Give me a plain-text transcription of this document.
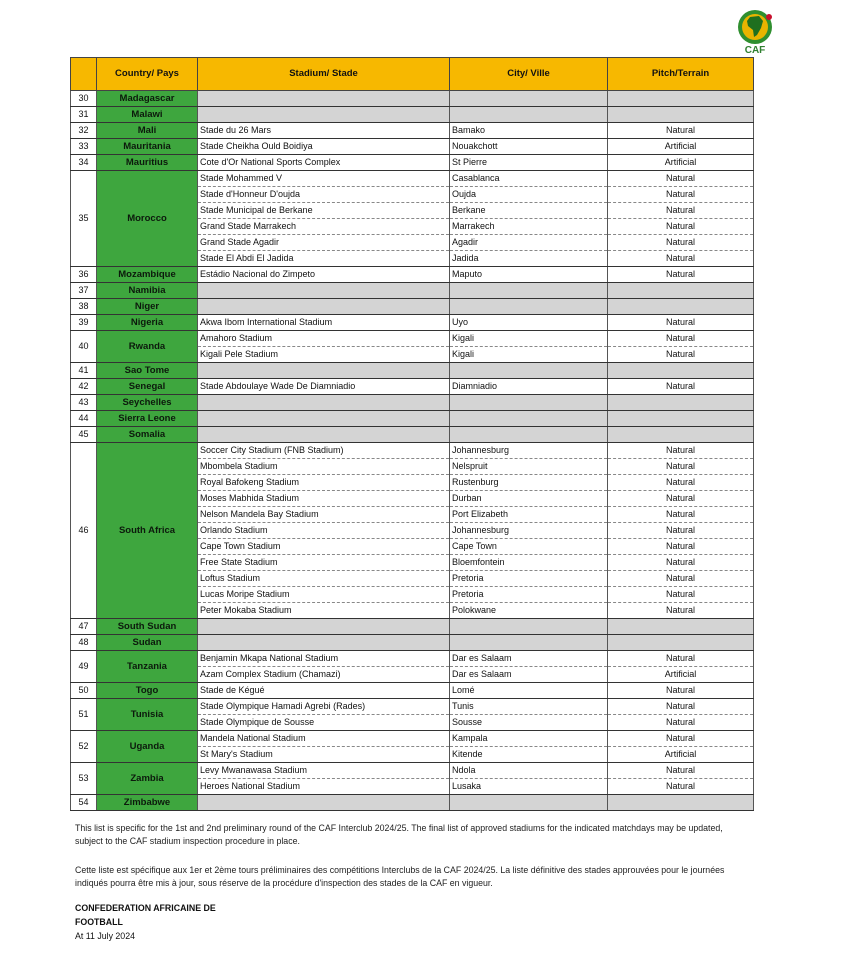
CAF
	Country/ Pays	Stadium/ Stade	City/ Ville	Pitch/Terrain
30	Madagascar			
31	Malawi			
32	Mali	Stade du 26 Mars	Bamako	Natural
33	Mauritania	Stade Cheikha Ould Boidiya	Nouakchott	Artificial
34	Mauritius	Cote d'Or National Sports Complex	St Pierre	Artificial
35	Morocco	Stade Mohammed V	Casablanca	Natural
		Stade d'Honneur D'oujda	Oujda	Natural
		Stade Municipal de Berkane	Berkane	Natural
		Grand Stade Marrakech	Marrakech	Natural
		Grand Stade Agadir	Agadir	Natural
		Stade El Abdi El Jadida	Jadida	Natural
36	Mozambique	Estádio Nacional do Zimpeto	Maputo	Natural
37	Namibia			
38	Niger			
39	Nigeria	Akwa Ibom International Stadium	Uyo	Natural
40	Rwanda	Amahoro Stadium	Kigali	Natural
		Kigali Pele Stadium	Kigali	Natural
41	Sao Tome			
42	Senegal	Stade Abdoulaye Wade De Diamniadio	Diamniadio	Natural
43	Seychelles			
44	Sierra Leone			
45	Somalia			
46	South Africa	Soccer City Stadium (FNB Stadium)	Johannesburg	Natural
		Mbombela Stadium	Nelspruit	Natural
		Royal Bafokeng Stadium	Rustenburg	Natural
		Moses Mabhida Stadium	Durban	Natural
		Nelson Mandela Bay Stadium	Port Elizabeth	Natural
		Orlando Stadium	Johannesburg	Natural
		Cape Town Stadium	Cape Town	Natural
		Free State Stadium	Bloemfontein	Natural
		Loftus Stadium	Pretoria	Natural
		Lucas Moripe Stadium	Pretoria	Natural
		Peter Mokaba Stadium	Polokwane	Natural
47	South Sudan			
48	Sudan			
49	Tanzania	Benjamin Mkapa National Stadium	Dar es Salaam	Natural
		Azam Complex Stadium (Chamazi)	Dar es Salaam	Artificial
50	Togo	Stade de Kégué	Lomé	Natural
51	Tunisia	Stade Olympique Hamadi Agrebi (Rades)	Tunis	Natural
		Stade Olympique de Sousse	Sousse	Natural
52	Uganda	Mandela National Stadium	Kampala	Natural
		St Mary's Stadium	Kitende	Artificial
53	Zambia	Levy Mwanawasa Stadium	Ndola	Natural
		Heroes National Stadium	Lusaka	Natural
54	Zimbabwe			
This list is specific for the 1st and 2nd preliminary round of the CAF Interclub 2024/25. The final list of approved stadiums for the indicated matchdays may be updated, subject to the CAF stadium inspection procedure in place.
Cette liste est spécifique aux 1er et 2ème tours préliminaires des compétitions Interclubs de la CAF 2024/25. La liste définitive des stades approuvées pour le journées indiqués pourra être mis à jour, sous réserve de la procédure d'inspection des stades de la CAF en vigueur.
CONFEDERATION AFRICAINE DE
FOOTBALL
At 11 July 2024
